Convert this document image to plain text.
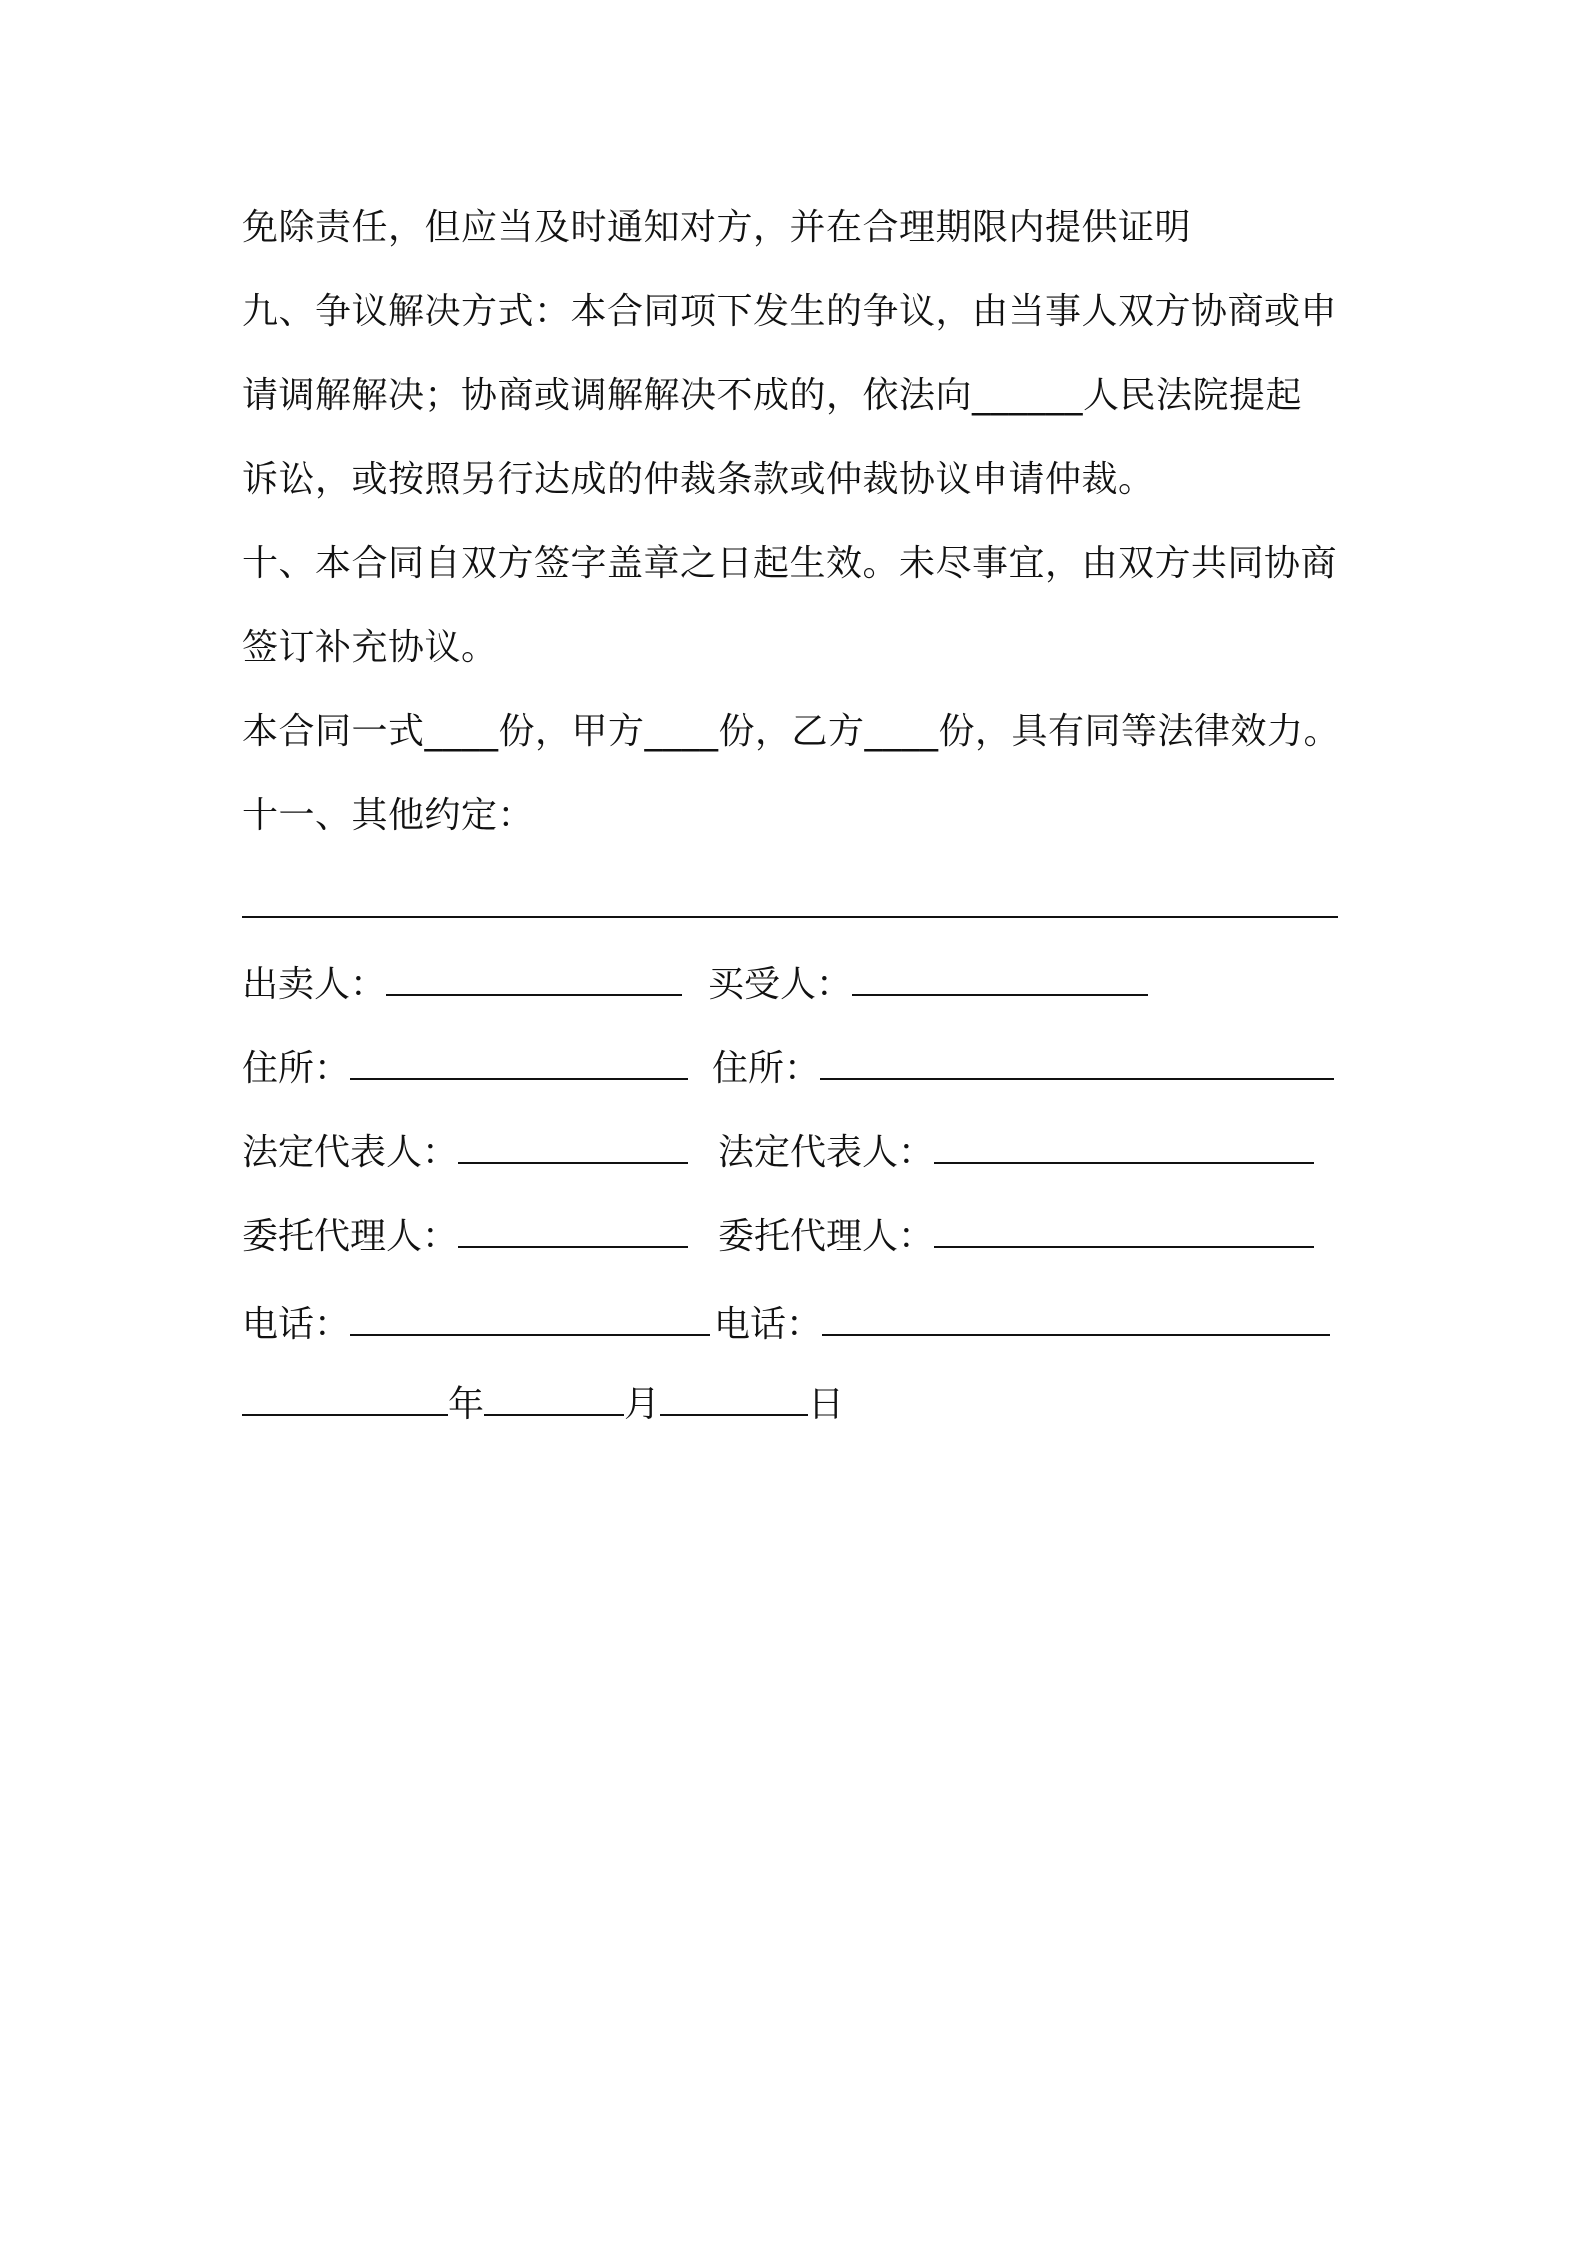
免除责任，但应当及时通知对方，并在合理期限内提供证明
九、争议解决方式：本合同项下发生的争议，由当事人双方协商或申
请调解解决；协商或调解解决不成的，依法向______人民法院提起
诉讼，或按照另行达成的仲裁条款或仲裁协议申请仲裁。
十、本合同自双方签字盖章之日起生效。未尽事宜，由双方共同协商
签订补充协议。
本合同一式____份，甲方____份，乙方____份，具有同等法律效力。
十一、其他约定：
出卖人：	买受人：
住所：	住所：
法定代表人：	法定代表人：
委托代理人：	委托代理人：
电话：	电话：
年	月	日
